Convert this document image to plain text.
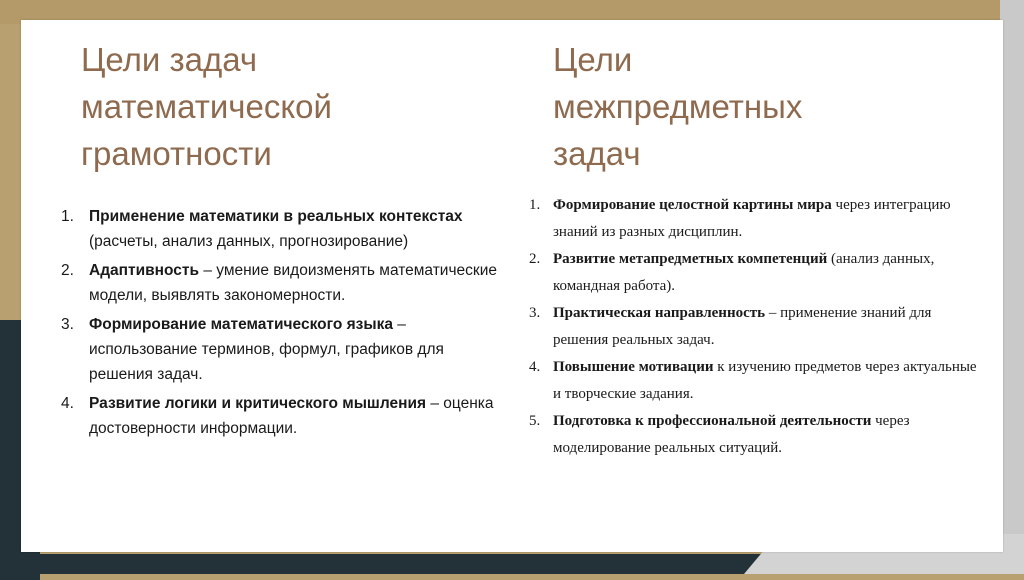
Цели задач
математической
грамотности
Цели
межпредметных
задач
1. Применение математики в реальных контекстах (расчеты, анализ данных, прогнозирование)
2. Адаптивность – умение видоизменять математические модели, выявлять закономерности.
3. Формирование математического языка – использование терминов, формул, графиков для решения задач.
4. Развитие логики и критического мышления – оценка достоверности информации.
1. Формирование целостной картины мира через интеграцию знаний из разных дисциплин.
2. Развитие метапредметных компетенций (анализ данных, командная работа).
3. Практическая направленность – применение знаний для решения реальных задач.
4. Повышение мотивации к изучению предметов через актуальные и творческие задания.
5. Подготовка к профессиональной деятельности через моделирование реальных ситуаций.
